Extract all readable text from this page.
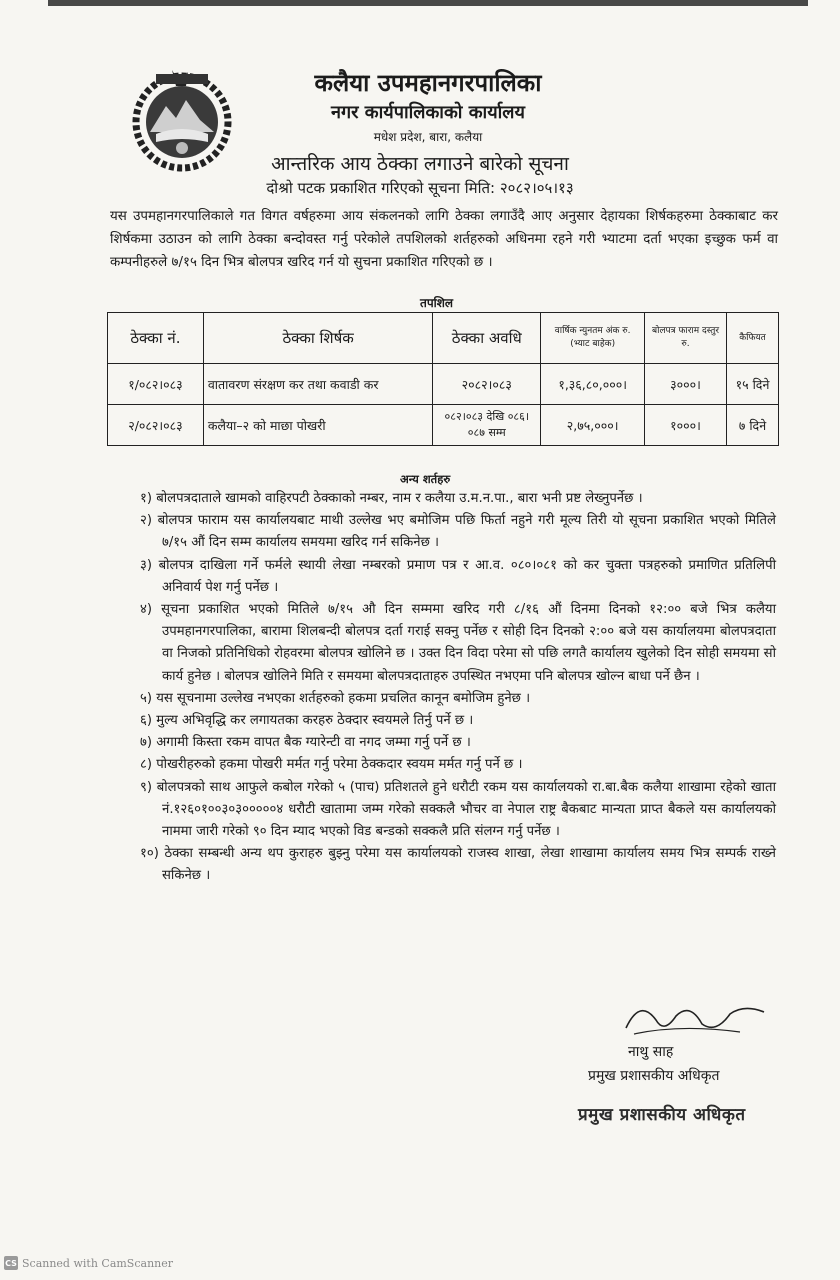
कलैया उपमहानगरपालिका
नगर कार्यपालिकाको कार्यालय
मधेश प्रदेश, बारा, कलैया
आन्तरिक आय ठेक्का लगाउने बारेको सूचना
दोश्रो पटक प्रकाशित गरिएको सूचना मिति: २०८२।०५।१३
यस उपमहानगरपालिकाले गत विगत वर्षहरुमा आय संकलनको लागि ठेक्का लगाउँदै आए अनुसार देहायका शिर्षकहरुमा ठेक्काबाट कर शिर्षकमा उठाउन को लागि ठेक्का बन्दोवस्त गर्नु परेकोले तपशिलको शर्तहरुको अधिनमा रहने गरी भ्याटमा दर्ता भएका इच्छुक फर्म वा कम्पनीहरुले ७/१५ दिन भित्र बोलपत्र खरिद गर्न यो सुचना प्रकाशित गरिएको छ ।
तपशिल
ठेक्का नं.	ठेक्का शिर्षक	ठेक्का अवधि	वार्षिक न्युनतम अंक रु. (भ्याट बाहेक)	बोलपत्र फाराम दस्तुर रु.	कैफियत
१/०८२।०८३	वातावरण संरक्षण कर तथा कवाडी कर	२०८२।०८३	१,३६,८०,०००।	३०००।	१५ दिने
२/०८२।०८३	कलैया–२ को माछा पोखरी	०८२।०८३ देखि ०८६।०८७ सम्म	२,७५,०००।	१०००।	७ दिने
अन्य शर्तहरु
१) बोलपत्रदाताले खामको वाहिरपटी ठेक्काको नम्बर, नाम र कलैया उ.म.न.पा., बारा भनी प्रष्ट लेख्नुपर्नेछ ।
२) बोलपत्र फाराम यस कार्यालयबाट माथी उल्लेख भए बमोजिम पछि फिर्ता नहुने गरी मूल्य तिरी यो सूचना प्रकाशित भएको मितिले ७/१५ औं दिन सम्म कार्यालय समयमा खरिद गर्न सकिनेछ ।
३) बोलपत्र दाखिला गर्ने फर्मले स्थायी लेखा नम्बरको प्रमाण पत्र र आ.व. ०८०।०८१ को कर चुक्ता पत्रहरुको प्रमाणित प्रतिलिपी अनिवार्य पेश गर्नु पर्नेछ ।
४) सूचना प्रकाशित भएको मितिले ७/१५ औ दिन सम्ममा खरिद गरी ८/१६ औं दिनमा दिनको १२:०० बजे भित्र कलैया उपमहानगरपालिका, बारामा शिलबन्दी बोलपत्र दर्ता गराई सक्नु पर्नेछ र सोही दिन दिनको २:०० बजे यस कार्यालयमा बोलपत्रदाता वा निजको प्रतिनिधिको रोहवरमा बोलपत्र खोलिने छ । उक्त दिन विदा परेमा सो पछि लगतै कार्यालय खुलेको दिन सोही समयमा सो कार्य हुनेछ । बोलपत्र खोलिने मिति र समयमा बोलपत्रदाताहरु उपस्थित नभएमा पनि बोलपत्र खोल्न बाधा पर्ने छैन ।
५) यस सूचनामा उल्लेख नभएका शर्तहरुको हकमा प्रचलित कानून बमोजिम हुनेछ ।
६) मुल्य अभिवृद्धि कर लगायतका करहरु ठेक्दार स्वयमले तिर्नु पर्ने छ ।
७) अगामी किस्ता रकम वापत बैक ग्यारेन्टी वा नगद जम्मा गर्नु पर्ने छ ।
८) पोखरीहरुको हकमा पोखरी मर्मत गर्नु परेमा ठेक्कदार स्वयम मर्मत गर्नु पर्ने छ ।
९) बोलपत्रको साथ आफुले कबोल गरेको ५ (पाच) प्रतिशतले हुने धरौटी रकम यस कार्यालयको रा.बा.बैक कलैया शाखामा रहेको खाता नं.१२६०१००३०३०००००४ धरौटी खातामा जम्म गरेको सक्कलै भौचर वा नेपाल राष्ट्र बैकबाट मान्यता प्राप्त बैकले यस कार्यालयको नाममा जारी गरेको ९० दिन म्याद भएको विड बन्डको सक्कलै प्रति संलग्न गर्नु पर्नेछ ।
१०) ठेक्का सम्बन्धी अन्य थप कुराहरु बुझ्नु परेमा यस कार्यालयको राजस्व शाखा, लेखा शाखामा कार्यालय समय भित्र सम्पर्क राख्ने सकिनेछ ।
नाथु साह
प्रमुख प्रशासकीय अधिकृत
प्रमुख प्रशासकीय अधिकृत
CS Scanned with CamScanner
